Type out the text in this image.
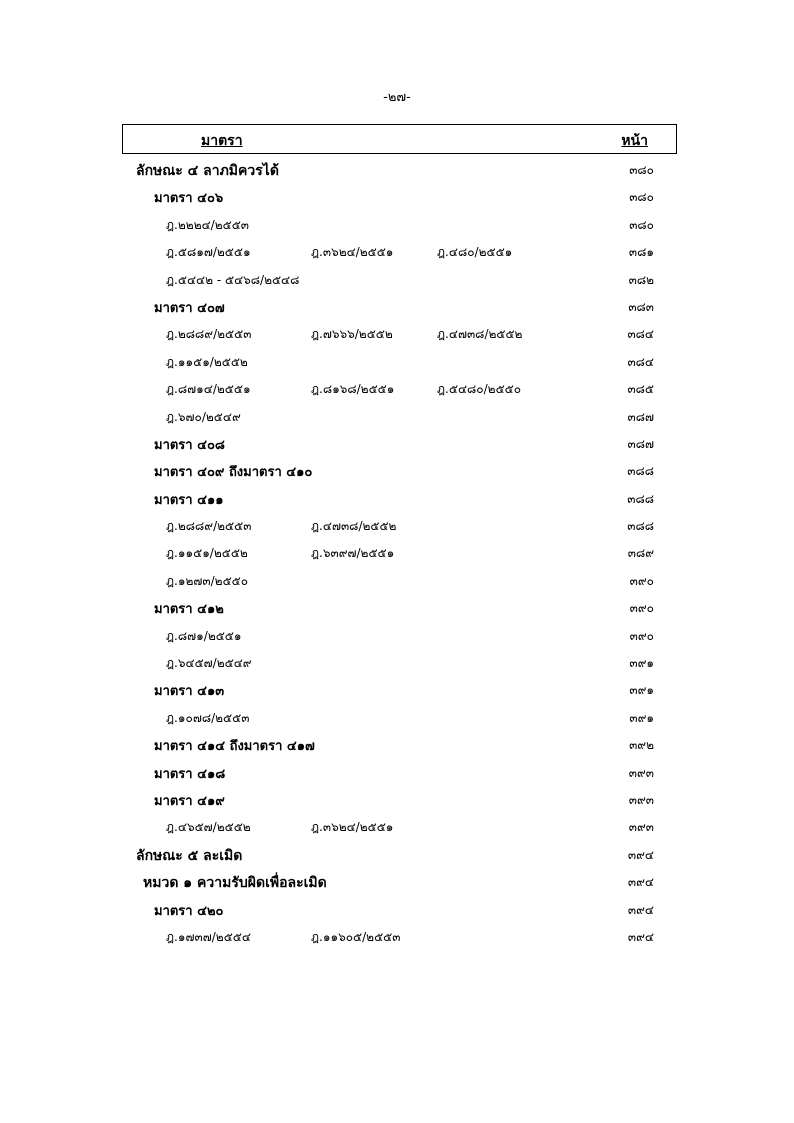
-๒๗-
มาตรา	หน้า
ลักษณะ ๔ ลาภมิควรได้	๓๘๐
มาตรา ๔๐๖	๓๘๐
ฎ.๒๒๒๔/๒๕๕๓	๓๘๐
ฎ.๕๘๑๗/๒๕๕๑	ฎ.๓๖๒๔/๒๕๕๑	ฎ.๔๘๐/๒๕๕๑	๓๘๑
ฎ.๕๔๔๒ - ๕๔๖๘/๒๕๔๘	๓๘๒
มาตรา ๔๐๗	๓๘๓
ฎ.๒๘๘๙/๒๕๕๓	ฎ.๗๖๖๖/๒๕๕๒	ฎ.๔๗๓๘/๒๕๕๒	๓๘๔
ฎ.๑๑๕๑/๒๕๕๒	๓๘๔
ฎ.๘๗๑๔/๒๕๕๑	ฎ.๘๑๖๘/๒๕๕๑	ฎ.๕๔๘๐/๒๕๕๐	๓๘๕
ฎ.๖๗๐/๒๕๔๙	๓๘๗
มาตรา ๔๐๘	๓๘๗
มาตรา ๔๐๙ ถึงมาตรา ๔๑๐	๓๘๘
มาตรา ๔๑๑	๓๘๘
ฎ.๒๘๘๙/๒๕๕๓	ฎ.๔๗๓๘/๒๕๕๒	๓๘๘
ฎ.๑๑๕๑/๒๕๕๒	ฎ.๖๓๙๗/๒๕๕๑	๓๘๙
ฎ.๑๒๗๓/๒๕๕๐	๓๙๐
มาตรา ๔๑๒	๓๙๐
ฎ.๘๗๑/๒๕๕๑	๓๙๐
ฎ.๖๔๕๗/๒๕๔๙	๓๙๑
มาตรา ๔๑๓	๓๙๑
ฎ.๑๐๗๘/๒๕๕๓	๓๙๑
มาตรา ๔๑๔ ถึงมาตรา ๔๑๗	๓๙๒
มาตรา ๔๑๘	๓๙๓
มาตรา ๔๑๙	๓๙๓
ฎ.๔๖๕๗/๒๕๕๒	ฎ.๓๖๒๔/๒๕๕๑	๓๙๓
ลักษณะ ๕ ละเมิด	๓๙๔
หมวด ๑ ความรับผิดเพื่อละเมิด	๓๙๔
มาตรา ๔๒๐	๓๙๔
ฎ.๑๗๓๗/๒๕๕๔	ฎ.๑๑๖๐๕/๒๕๕๓	๓๙๔
